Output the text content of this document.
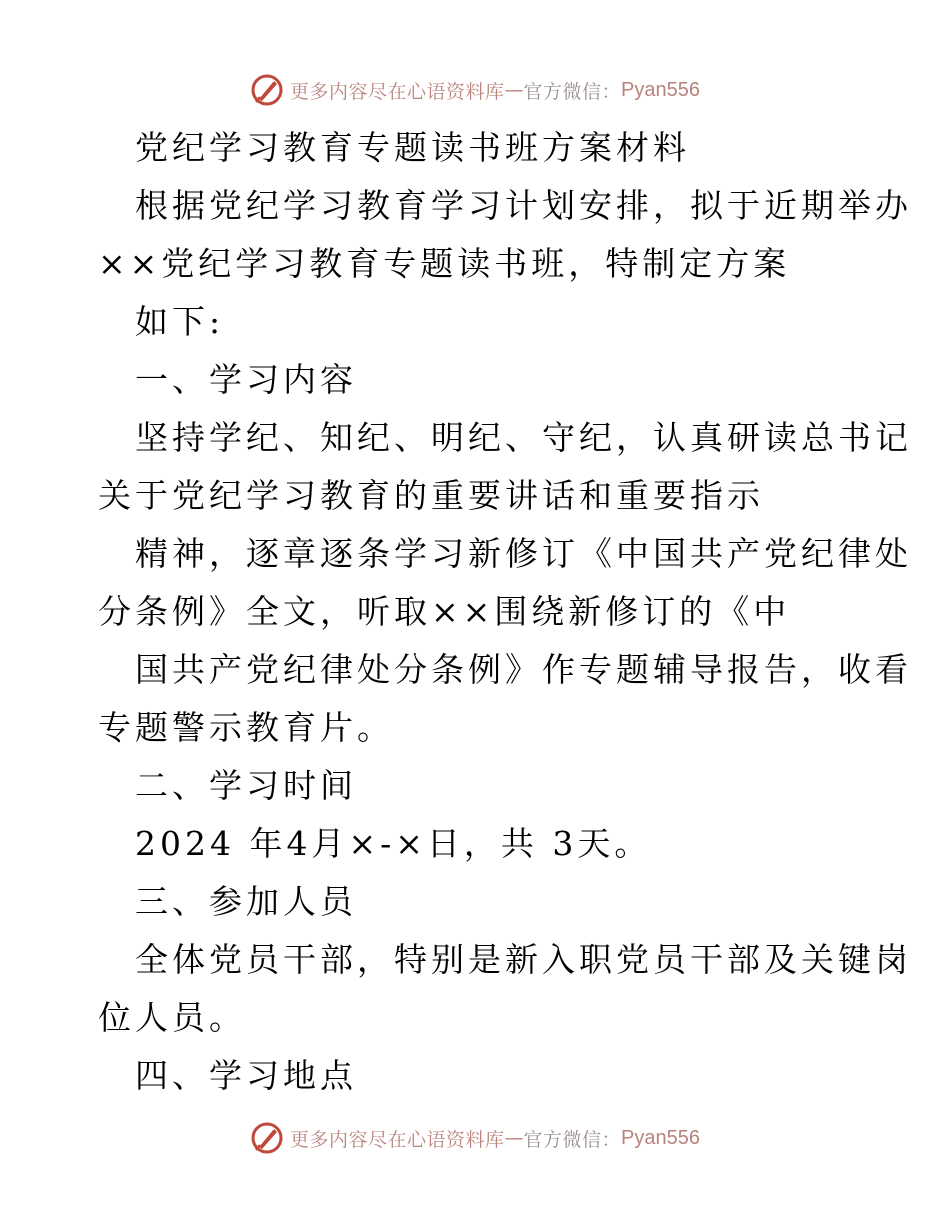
更多内容尽在心语资料库 — 官方微信： Pyan556
党纪学习教育专题读书班方案材料
根据党纪学习教育学习计划安排，拟于近期举办
××党纪学习教育专题读书班，特制定方案
如下:
一、学习内容
坚持学纪、知纪、明纪、守纪，认真研读总书记
关于党纪学习教育的重要讲话和重要指示
精神，逐章逐条学习新修订《中国共产党纪律处
分条例》全文，听取××围绕新修订的《中
国共产党纪律处分条例》作专题辅导报告，收看
专题警示教育片。
二、学习时间
2024 年4月×-×日，共 3天。
三、参加人员
全体党员干部，特别是新入职党员干部及关键岗
位人员。
四、学习地点
更多内容尽在心语资料库 — 官方微信： Pyan556
